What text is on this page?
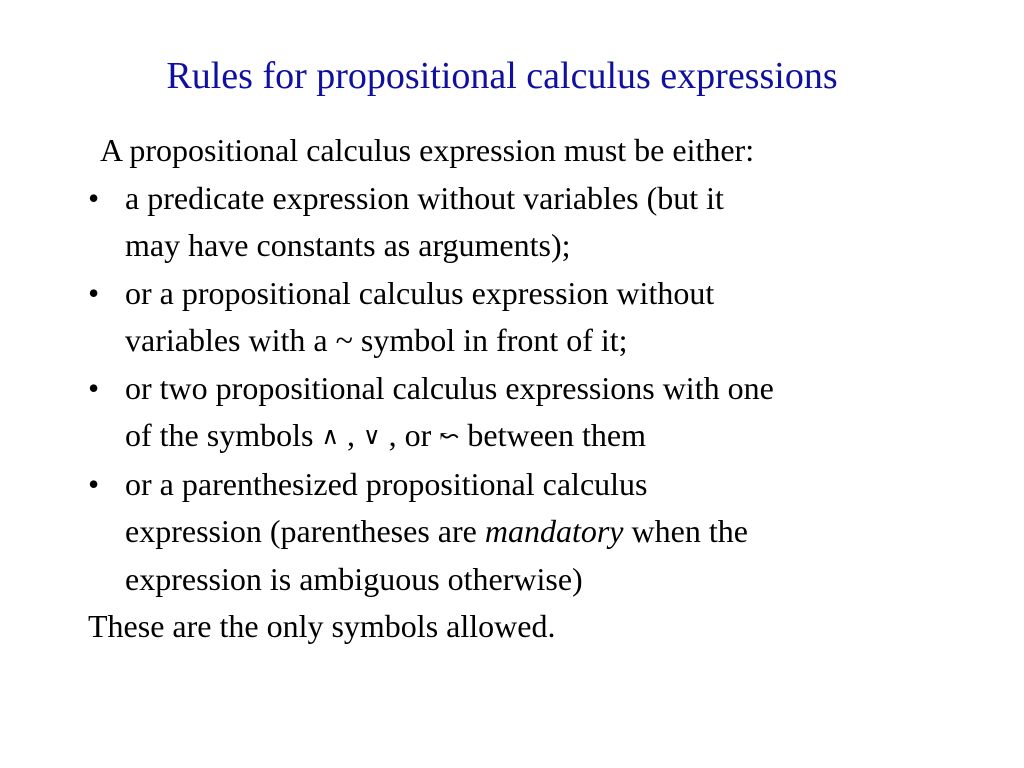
Rules for propositional calculus expressions
A propositional calculus expression must be either:
• a predicate expression without variables (but it
may have constants as arguments);
• or a propositional calculus expression without
variables with a ~ symbol in front of it;
• or two propositional calculus expressions with one
of the symbols ∧ , ∨ , or ↜ between them
• or a parenthesized propositional calculus
expression (parentheses are mandatory when the
expression is ambiguous otherwise)
These are the only symbols allowed.
